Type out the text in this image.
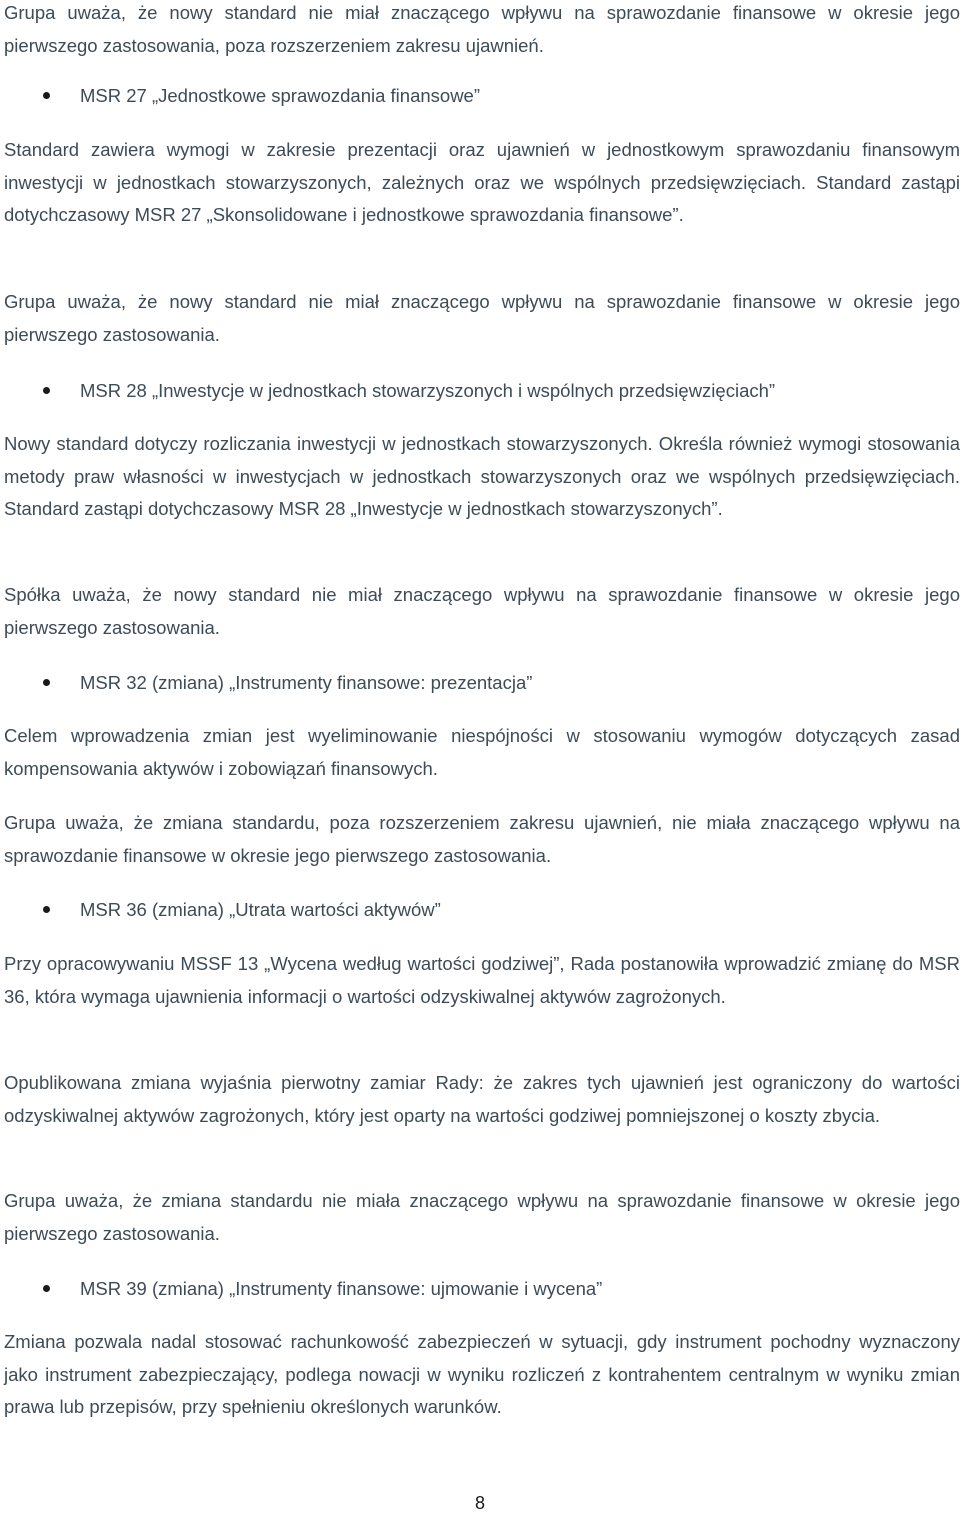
Grupa uważa, że nowy standard nie miał znaczącego wpływu na sprawozdanie finansowe w okresie jego pierwszego zastosowania, poza rozszerzeniem zakresu ujawnień.

MSR 27 „Jednostkowe sprawozdania finansowe”

Standard zawiera wymogi w zakresie prezentacji oraz ujawnień w jednostkowym sprawozdaniu finansowym inwestycji w jednostkach stowarzyszonych, zależnych oraz we wspólnych przedsięwzięciach. Standard zastąpi dotychczasowy MSR 27 „Skonsolidowane i jednostkowe sprawozdania finansowe”.

Grupa uważa, że nowy standard nie miał znaczącego wpływu na sprawozdanie finansowe w okresie jego pierwszego zastosowania.

MSR 28 „Inwestycje w jednostkach stowarzyszonych i wspólnych przedsięwzięciach”

Nowy standard dotyczy rozliczania inwestycji w jednostkach stowarzyszonych. Określa również wymogi stosowania metody praw własności w inwestycjach w jednostkach stowarzyszonych oraz we wspólnych przedsięwzięciach. Standard zastąpi dotychczasowy MSR 28 „Inwestycje w jednostkach stowarzyszonych”.

Spółka uważa, że nowy standard nie miał znaczącego wpływu na sprawozdanie finansowe w okresie jego pierwszego zastosowania.

MSR 32 (zmiana) „Instrumenty finansowe: prezentacja”

Celem wprowadzenia zmian jest wyeliminowanie niespójności w stosowaniu wymogów dotyczących zasad kompensowania aktywów i zobowiązań finansowych.

Grupa uważa, że zmiana standardu, poza rozszerzeniem zakresu ujawnień, nie miała znaczącego wpływu na sprawozdanie finansowe w okresie jego pierwszego zastosowania.

MSR 36 (zmiana) „Utrata wartości aktywów”

Przy opracowywaniu MSSF 13 „Wycena według wartości godziwej”, Rada postanowiła wprowadzić zmianę do MSR 36, która wymaga ujawnienia informacji o wartości odzyskiwalnej aktywów zagrożonych.

Opublikowana zmiana wyjaśnia pierwotny zamiar Rady: że zakres tych ujawnień jest ograniczony do wartości odzyskiwalnej aktywów zagrożonych, który jest oparty na wartości godziwej pomniejszonej o koszty zbycia.

Grupa uważa, że zmiana standardu nie miała znaczącego wpływu na sprawozdanie finansowe w okresie jego pierwszego zastosowania.

MSR 39 (zmiana) „Instrumenty finansowe: ujmowanie i wycena”

Zmiana pozwala nadal stosować rachunkowość zabezpieczeń w sytuacji, gdy instrument pochodny wyznaczony jako instrument zabezpieczający, podlega nowacji w wyniku rozliczeń z kontrahentem centralnym w wyniku zmian prawa lub przepisów, przy spełnieniu określonych warunków.

8
